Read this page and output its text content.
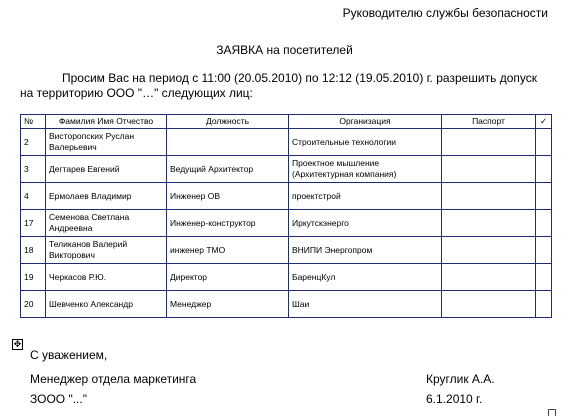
Руководителю службы безопасности
ЗАЯВКА на посетителей
Просим Вас на период с 11:00 (20.05.2010) по 12:12 (19.05.2010) г. разрешить допуск
на территорию ООО "…" следующих лиц:
№	Фамилия Имя Отчество	Должность	Организация	Паспорт	✓
2	Висторопских Руслан Валерьевич		Строительные технологии		
3	Дегтарев Евгений	Ведущий Архитектор	Проектное мышление (Архитектурная компания)		
4	Ермолаев Владимир	Инженер ОВ	проектстрой		
17	Семенова Светлана Андреевна	Инженер-конструктор	Иркутскэнерго		
18	Теликанов Валерий Викторович	инженер ТМО	ВНИПИ Энергопром		
19	Черкасов Р.Ю.	Директор	БаренцКул		
20	Шевченко Александр	Менеджер	Шаи		
✥
С уважением,
Менеджер отдела маркетинга	Круглик А.А.
ЗООО "..."	6.1.2010 г.
